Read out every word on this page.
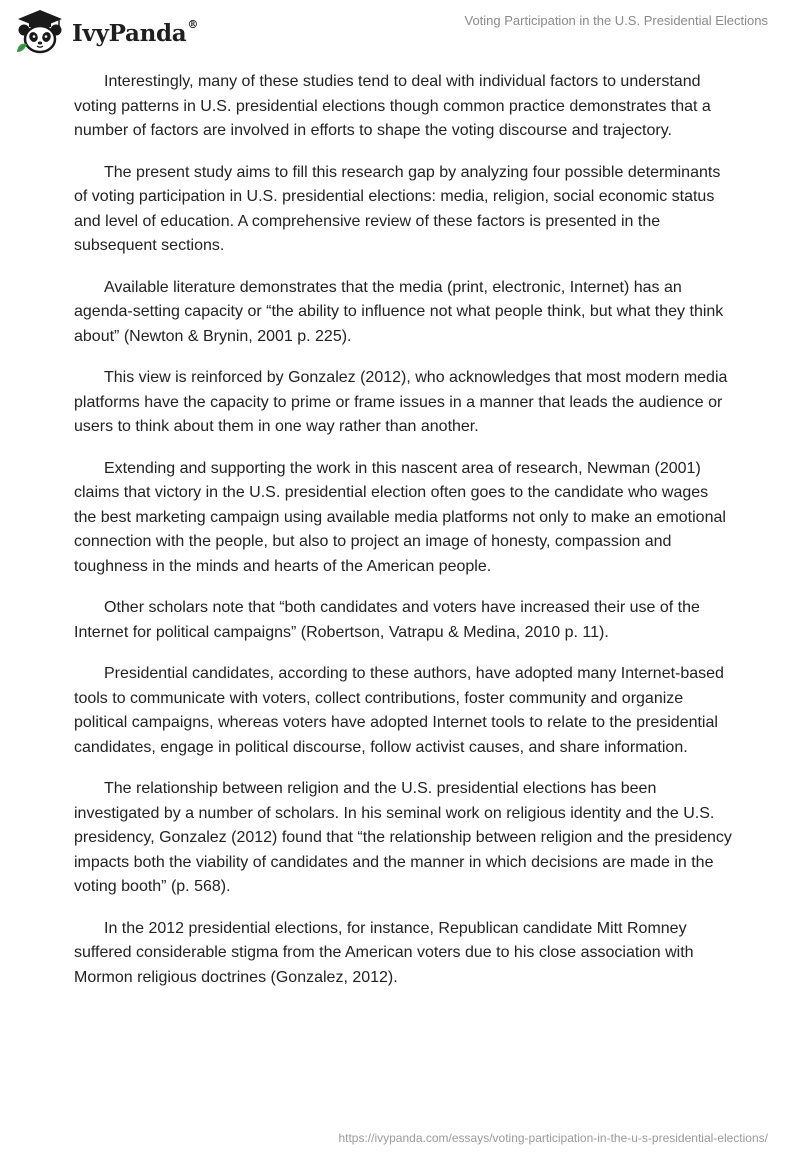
IvyPanda®	Voting Participation in the U.S. Presidential Elections

Interestingly, many of these studies tend to deal with individual factors to understand voting patterns in U.S. presidential elections though common practice demonstrates that a number of factors are involved in efforts to shape the voting discourse and trajectory.

The present study aims to fill this research gap by analyzing four possible determinants of voting participation in U.S. presidential elections: media, religion, social economic status and level of education. A comprehensive review of these factors is presented in the subsequent sections.

Available literature demonstrates that the media (print, electronic, Internet) has an agenda-setting capacity or “the ability to influence not what people think, but what they think about” (Newton & Brynin, 2001 p. 225).

This view is reinforced by Gonzalez (2012), who acknowledges that most modern media platforms have the capacity to prime or frame issues in a manner that leads the audience or users to think about them in one way rather than another.

Extending and supporting the work in this nascent area of research, Newman (2001) claims that victory in the U.S. presidential election often goes to the candidate who wages the best marketing campaign using available media platforms not only to make an emotional connection with the people, but also to project an image of honesty, compassion and toughness in the minds and hearts of the American people.

Other scholars note that “both candidates and voters have increased their use of the Internet for political campaigns” (Robertson, Vatrapu & Medina, 2010 p. 11).

Presidential candidates, according to these authors, have adopted many Internet-based tools to communicate with voters, collect contributions, foster community and organize political campaigns, whereas voters have adopted Internet tools to relate to the presidential candidates, engage in political discourse, follow activist causes, and share information.

The relationship between religion and the U.S. presidential elections has been investigated by a number of scholars. In his seminal work on religious identity and the U.S. presidency, Gonzalez (2012) found that “the relationship between religion and the presidency impacts both the viability of candidates and the manner in which decisions are made in the voting booth” (p. 568).

In the 2012 presidential elections, for instance, Republican candidate Mitt Romney suffered considerable stigma from the American voters due to his close association with Mormon religious doctrines (Gonzalez, 2012).

https://ivypanda.com/essays/voting-participation-in-the-u-s-presidential-elections/
